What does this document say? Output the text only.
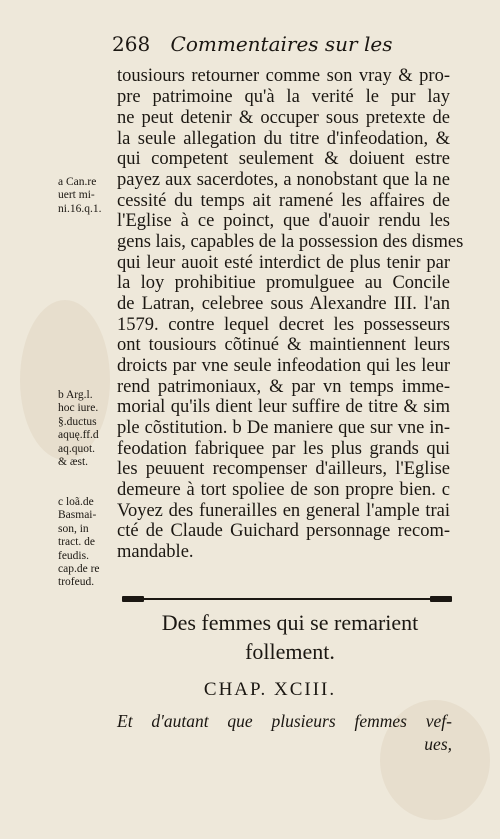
268 Commentaires sur les
tousiours retourner comme son vray & pro-
pre patrimoine qu'à la verité le pur lay
ne peut detenir & occuper sous pretexte de
la seule allegation du titre d'infeodation, &
qui competent seulement & doiuent estre
payez aux sacerdotes, a nonobstant que la ne
cessité du temps ait ramené les affaires de
l'Eglise à ce poinct, que d'auoir rendu les
gens lais, capables de la possession des dismes
qui leur auoit esté interdict de plus tenir par
la loy prohibitiue promulguee au Concile
de Latran, celebree sous Alexandre III. l'an
1579. contre lequel decret les possesseurs
ont tousiours cõtinué & maintiennent leurs
droicts par vne seule infeodation qui les leur
rend patrimoniaux, & par vn temps imme-
morial qu'ils dient leur suffire de titre & sim
ple cõstitution. b De maniere que sur vne in-
feodation fabriquee par les plus grands qui
les peuuent recompenser d'ailleurs, l'Eglise
demeure à tort spoliee de son propre bien. c
Voyez des funerailles en general l'ample trai
cté de Claude Guichard personnage recom-
mandable.
a Can.re
uert mi-
ni.16.q.1.
b Arg.l.
hoc iure.
§.ductus
aquę.ff.d
aq.quot.
& æst.
c loã.de
Basmai-
son, in
tract. de
feudis.
cap.de re
trofeud.
Des femmes qui se remarient
follement.
CHAP. XCIII.
Et d'autant que plusieurs femmes vef-
ues,
